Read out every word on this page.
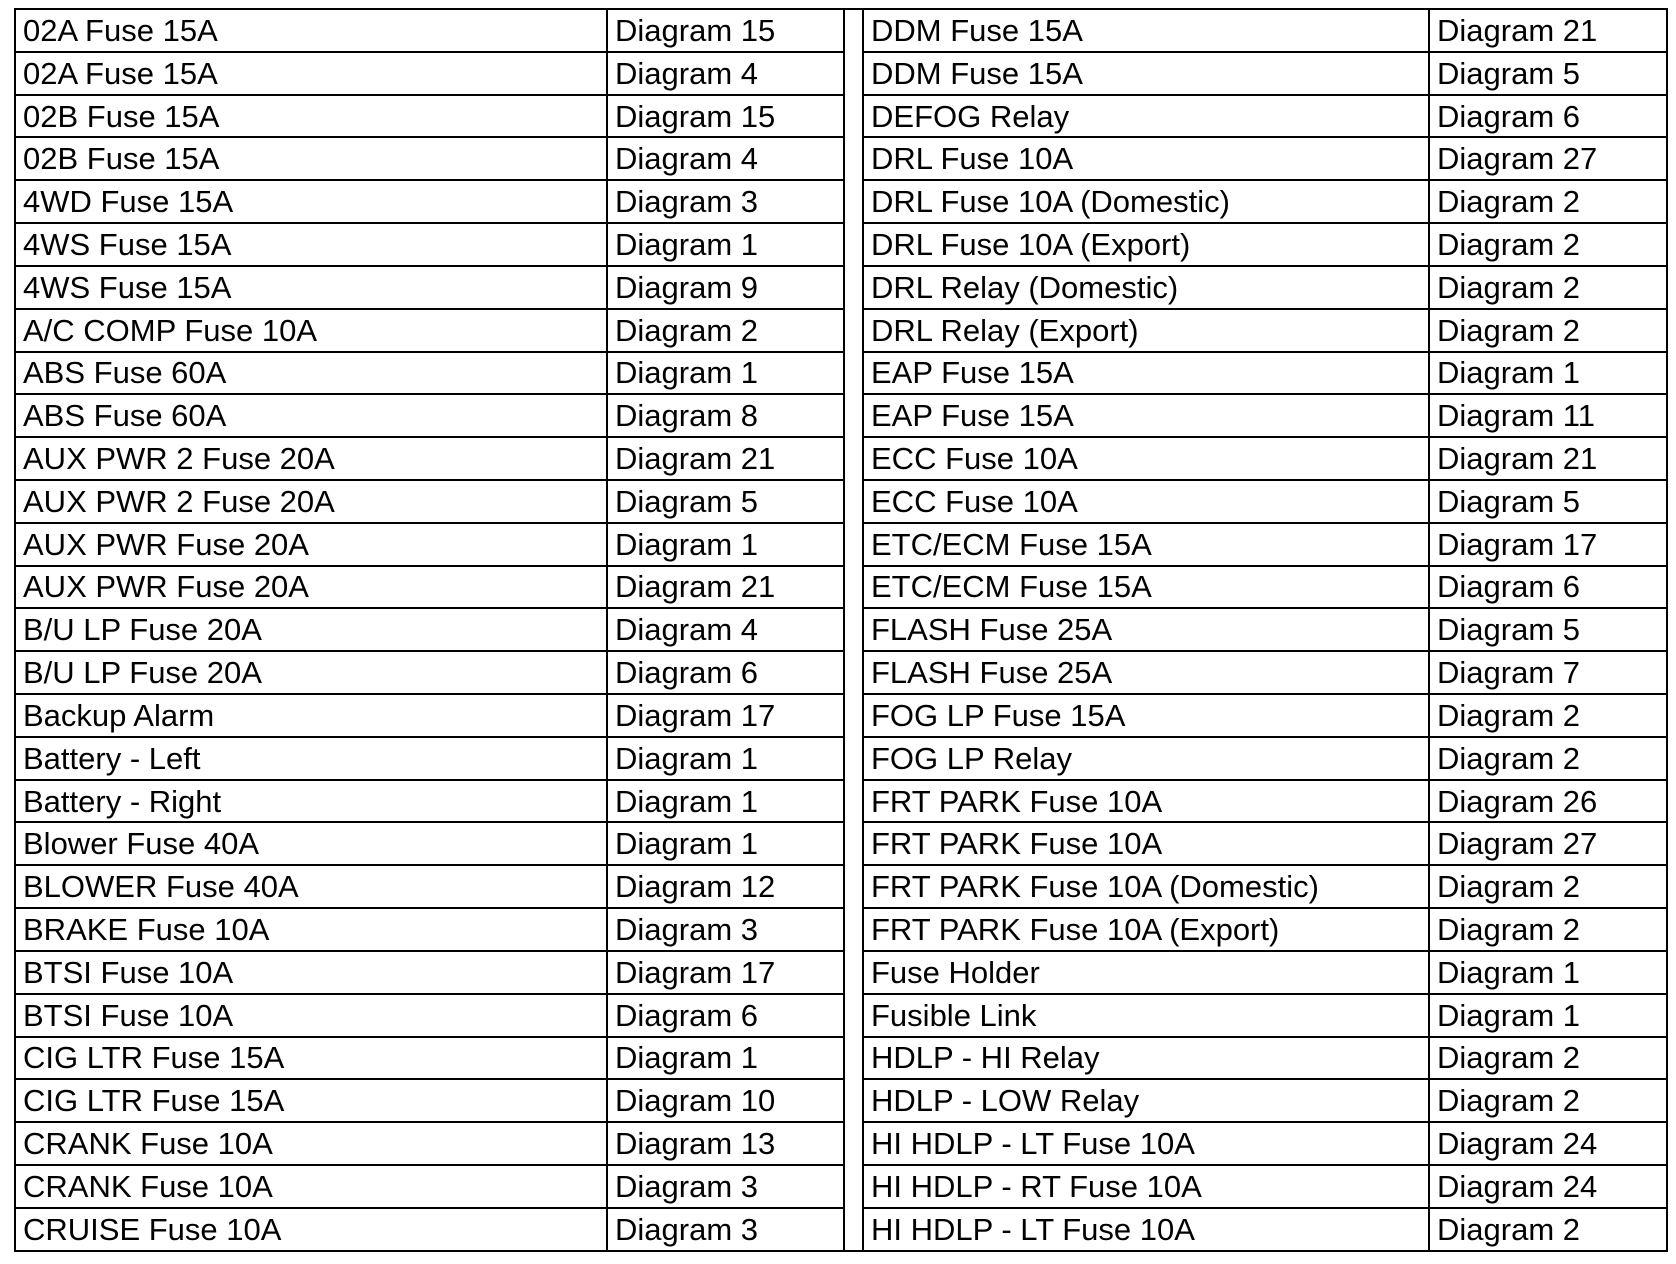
02A Fuse 15A	Diagram 15
02A Fuse 15A	Diagram 4
02B Fuse 15A	Diagram 15
02B Fuse 15A	Diagram 4
4WD Fuse 15A	Diagram 3
4WS Fuse 15A	Diagram 1
4WS Fuse 15A	Diagram 9
A/C COMP Fuse 10A	Diagram 2
ABS Fuse 60A	Diagram 1
ABS Fuse 60A	Diagram 8
AUX PWR 2 Fuse 20A	Diagram 21
AUX PWR 2 Fuse 20A	Diagram 5
AUX PWR Fuse 20A	Diagram 1
AUX PWR Fuse 20A	Diagram 21
B/U LP Fuse 20A	Diagram 4
B/U LP Fuse 20A	Diagram 6
Backup Alarm	Diagram 17
Battery - Left	Diagram 1
Battery - Right	Diagram 1
Blower Fuse 40A	Diagram 1
BLOWER Fuse 40A	Diagram 12
BRAKE Fuse 10A	Diagram 3
BTSI Fuse 10A	Diagram 17
BTSI Fuse 10A	Diagram 6
CIG LTR Fuse 15A	Diagram 1
CIG LTR Fuse 15A	Diagram 10
CRANK Fuse 10A	Diagram 13
CRANK Fuse 10A	Diagram 3
CRUISE Fuse 10A	Diagram 3
DDM Fuse 15A	Diagram 21
DDM Fuse 15A	Diagram 5
DEFOG Relay	Diagram 6
DRL Fuse 10A	Diagram 27
DRL Fuse 10A (Domestic)	Diagram 2
DRL Fuse 10A (Export)	Diagram 2
DRL Relay (Domestic)	Diagram 2
DRL Relay (Export)	Diagram 2
EAP Fuse 15A	Diagram 1
EAP Fuse 15A	Diagram 11
ECC Fuse 10A	Diagram 21
ECC Fuse 10A	Diagram 5
ETC/ECM Fuse 15A	Diagram 17
ETC/ECM Fuse 15A	Diagram 6
FLASH Fuse 25A	Diagram 5
FLASH Fuse 25A	Diagram 7
FOG LP Fuse 15A	Diagram 2
FOG LP Relay	Diagram 2
FRT PARK Fuse 10A	Diagram 26
FRT PARK Fuse 10A	Diagram 27
FRT PARK Fuse 10A (Domestic)	Diagram 2
FRT PARK Fuse 10A (Export)	Diagram 2
Fuse Holder	Diagram 1
Fusible Link	Diagram 1
HDLP - HI Relay	Diagram 2
HDLP - LOW Relay	Diagram 2
HI HDLP - LT Fuse 10A	Diagram 24
HI HDLP - RT Fuse 10A	Diagram 24
HI HDLP - LT Fuse 10A	Diagram 2
